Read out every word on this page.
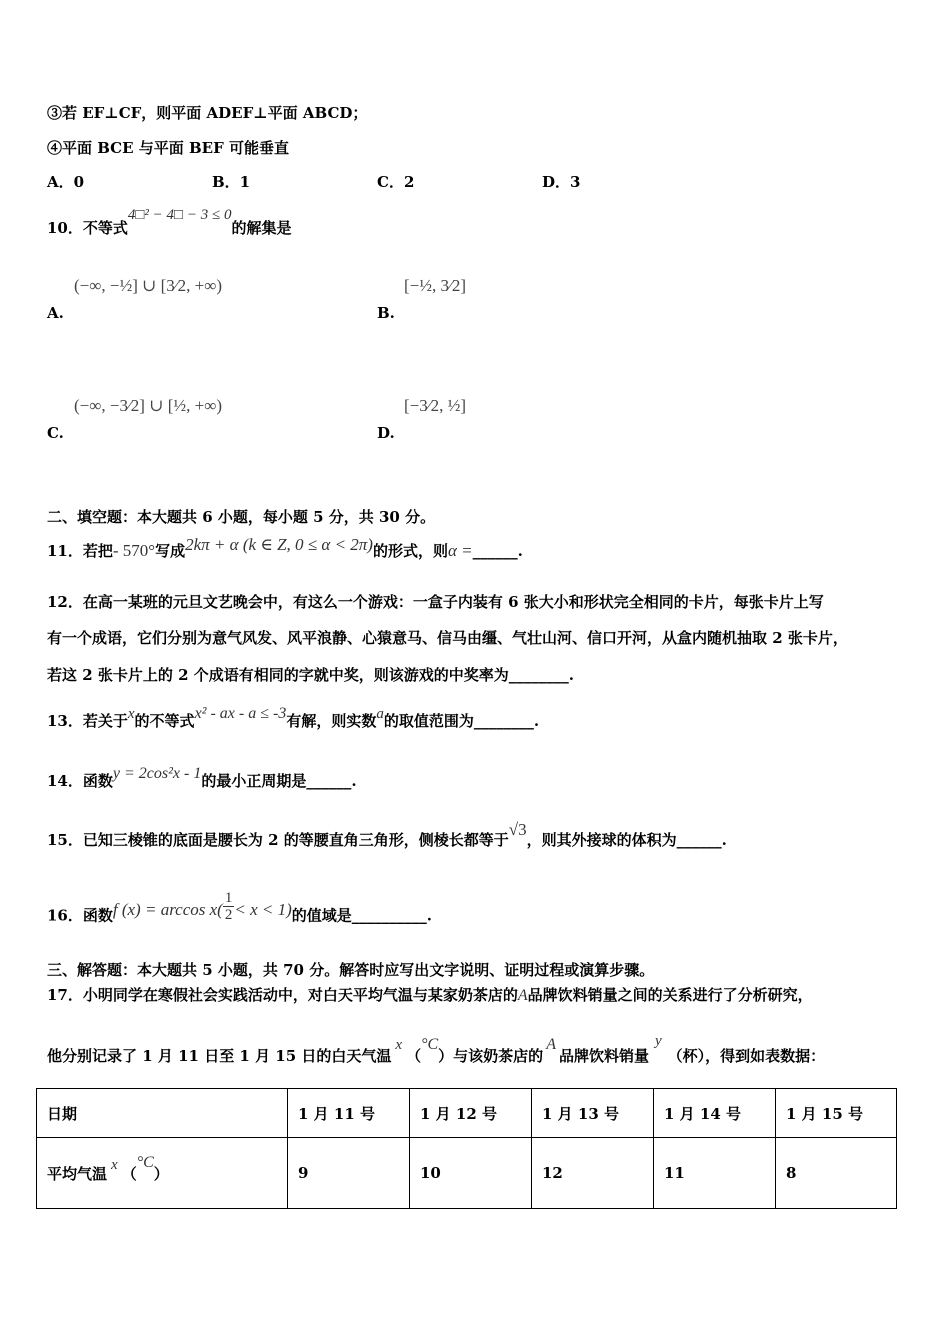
③若 EF⊥CF，则平面 ADEF⊥平面 ABCD；
④平面 BCE 与平面 BEF 可能垂直
A．0	B．1	C．2	D．3
10．不等式4□² − 4□ − 3 ≤ 0的解集是
(−∞, −½] ∪ [3⁄2, +∞)
A.
[−½, 3⁄2]
B.
(−∞, −3⁄2] ∪ [½, +∞)
C.
[−3⁄2, ½]
D.
二、填空题：本大题共 6 小题，每小题 5 分，共 30 分。
11．若把- 570°写成2kπ + α (k ∈ Z, 0 ≤ α < 2π)的形式，则α =______.
12．在高一某班的元旦文艺晚会中，有这么一个游戏：一盒子内装有 6 张大小和形状完全相同的卡片，每张卡片上写
有一个成语，它们分别为意气风发、风平浪静、心猿意马、信马由缰、气壮山河、信口开河，从盒内随机抽取 2 张卡片，
若这 2 张卡片上的 2 个成语有相同的字就中奖，则该游戏的中奖率为________.
13．若关于x的不等式x² - ax - a ≤ -3有解，则实数a的取值范围为________.
14．函数y = 2cos²x - 1的最小正周期是______.
15．已知三棱锥的底面是腰长为 2 的等腰直角三角形，侧棱长都等于√3，则其外接球的体积为______.
16．函数f $(x) = \arccos x( \frac{1}{2} < x < 1)$的值域是__________.
三、解答题：本大题共 5 小题，共 70 分。解答时应写出文字说明、证明过程或演算步骤。
17．小明同学在寒假社会实践活动中，对白天平均气温与某家奶茶店的A品牌饮料销量之间的关系进行了分析研究，
他分别记录了 1 月 11 日至 1 月 15 日的白天气温x（°C）与该奶茶店的A品牌饮料销量y（杯），得到如表数据：
日期	1 月 11 号	1 月 12 号	1 月 13 号	1 月 14 号	1 月 15 号
平均气温 x （°C）	9	10	12	11	8
